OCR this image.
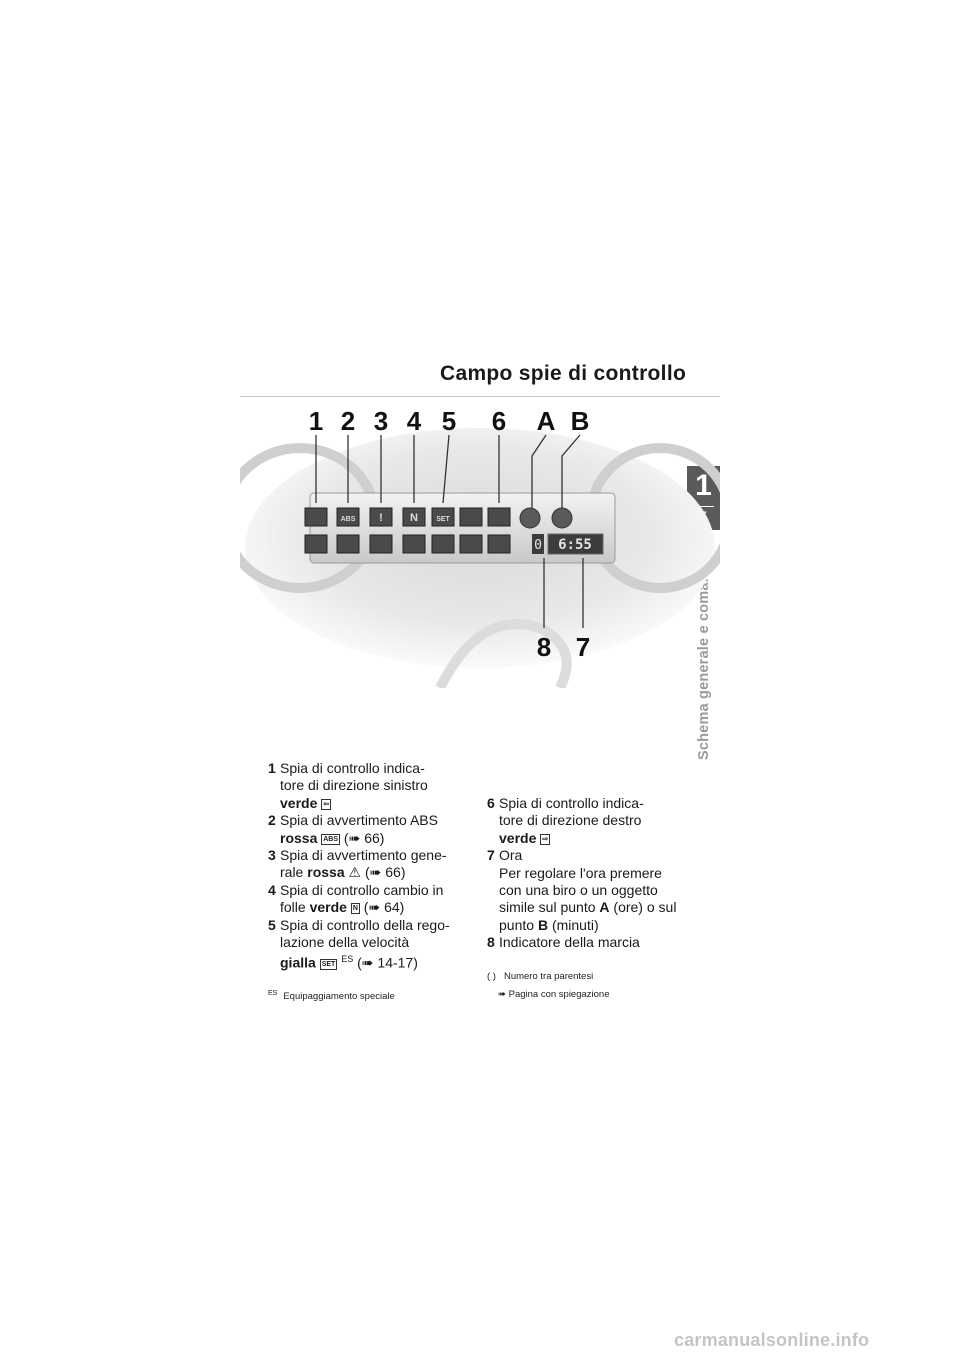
Campo spie di controllo
1
Schema generale e comandi
ABS ! N	SET
0 6:55
1 2 3 4 5 6 A B
8 7
1 Spia di controllo indica-
tore di direzione sinistro
verde ⇦
2 Spia di avvertimento ABS
rossa ABS (➠ 66)
3 Spia di avvertimento gene-
rale rossa ⚠ (➠ 66)
4 Spia di controllo cambio in
folle verde N (➠ 64)
5 Spia di controllo della rego-
lazione della velocità
gialla SET $^{ES}$ (➠ 14-17)
6 Spia di controllo indica-
tore di direzione destro
verde ⇨
7 Ora
Per regolare l'ora premere
con una biro o un oggetto
simile sul punto A (ore) o sul
punto B (minuti)
8 Indicatore della marcia
( ) Numero tra parentesi
➠ Pagina con spiegazione
$^{ES}$ Equipaggiamento speciale
carmanualsonline.info
